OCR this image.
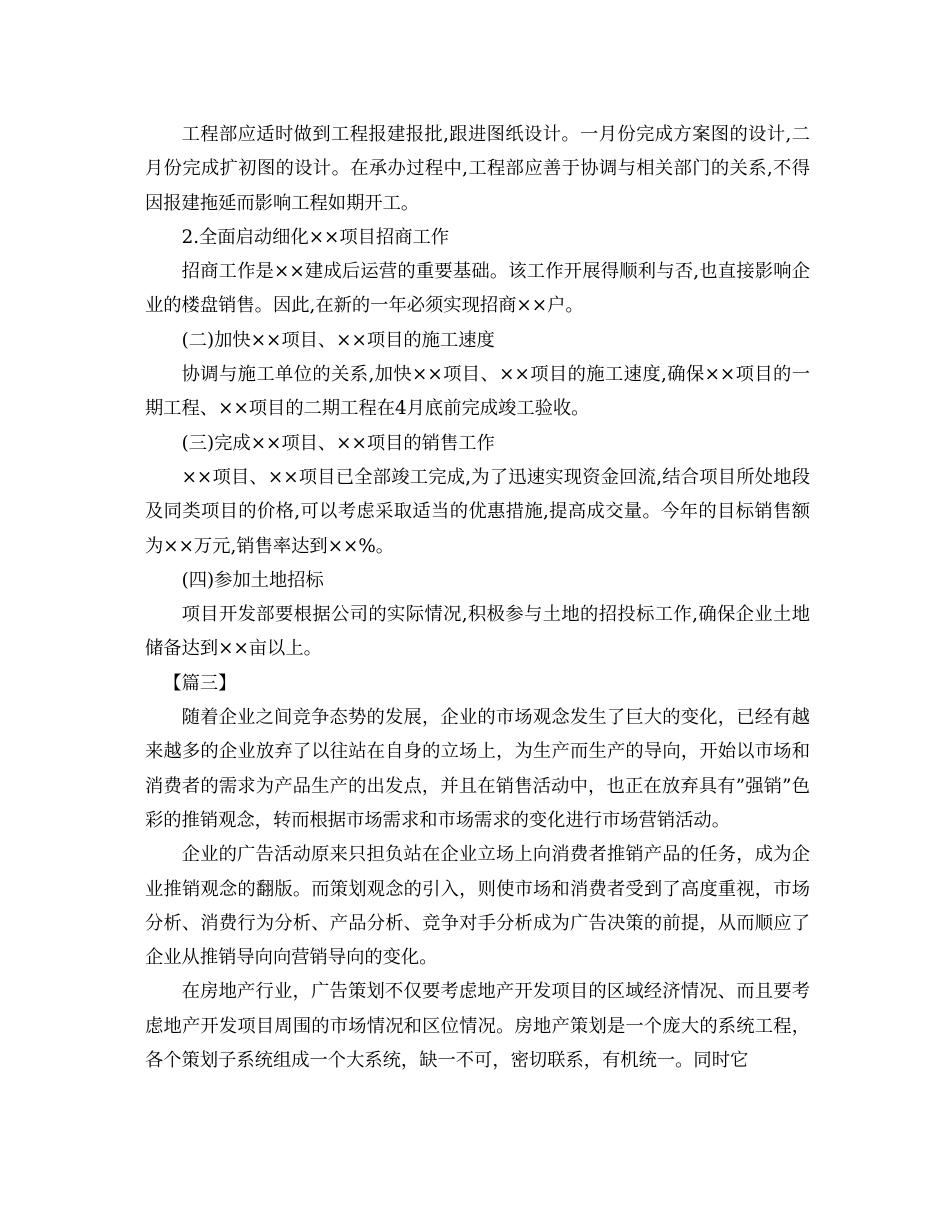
工程部应适时做到工程报建报批,跟进图纸设计。一月份完成方案图的设计,二月份完成扩初图的设计。在承办过程中,工程部应善于协调与相关部门的关系,不得因报建拖延而影响工程如期开工。

2.全面启动细化××项目招商工作

招商工作是××建成后运营的重要基础。该工作开展得顺利与否,也直接影响企业的楼盘销售。因此,在新的一年必须实现招商××户。

(二)加快××项目、××项目的施工速度

协调与施工单位的关系,加快××项目、××项目的施工速度,确保××项目的一期工程、××项目的二期工程在4月底前完成竣工验收。

(三)完成××项目、××项目的销售工作

××项目、××项目已全部竣工完成,为了迅速实现资金回流,结合项目所处地段及同类项目的价格,可以考虑采取适当的优惠措施,提高成交量。今年的目标销售额为××万元,销售率达到××%。

(四)参加土地招标

项目开发部要根据公司的实际情况,积极参与土地的招投标工作,确保企业土地储备达到××亩以上。

【篇三】

随着企业之间竞争态势的发展，企业的市场观念发生了巨大的变化，已经有越来越多的企业放弃了以往站在自身的立场上，为生产而生产的导向，开始以市场和消费者的需求为产品生产的出发点，并且在销售活动中，也正在放弃具有”强销”色彩的推销观念，转而根据市场需求和市场需求的变化进行市场营销活动。

企业的广告活动原来只担负站在企业立场上向消费者推销产品的任务，成为企业推销观念的翻版。而策划观念的引入，则使市场和消费者受到了高度重视，市场分析、消费行为分析、产品分析、竞争对手分析成为广告决策的前提，从而顺应了企业从推销导向向营销导向的变化。

在房地产行业，广告策划不仅要考虑地产开发项目的区域经济情况、而且要考虑地产开发项目周围的市场情况和区位情况。房地产策划是一个庞大的系统工程，各个策划子系统组成一个大系统，缺一不可，密切联系，有机统一。同时它
